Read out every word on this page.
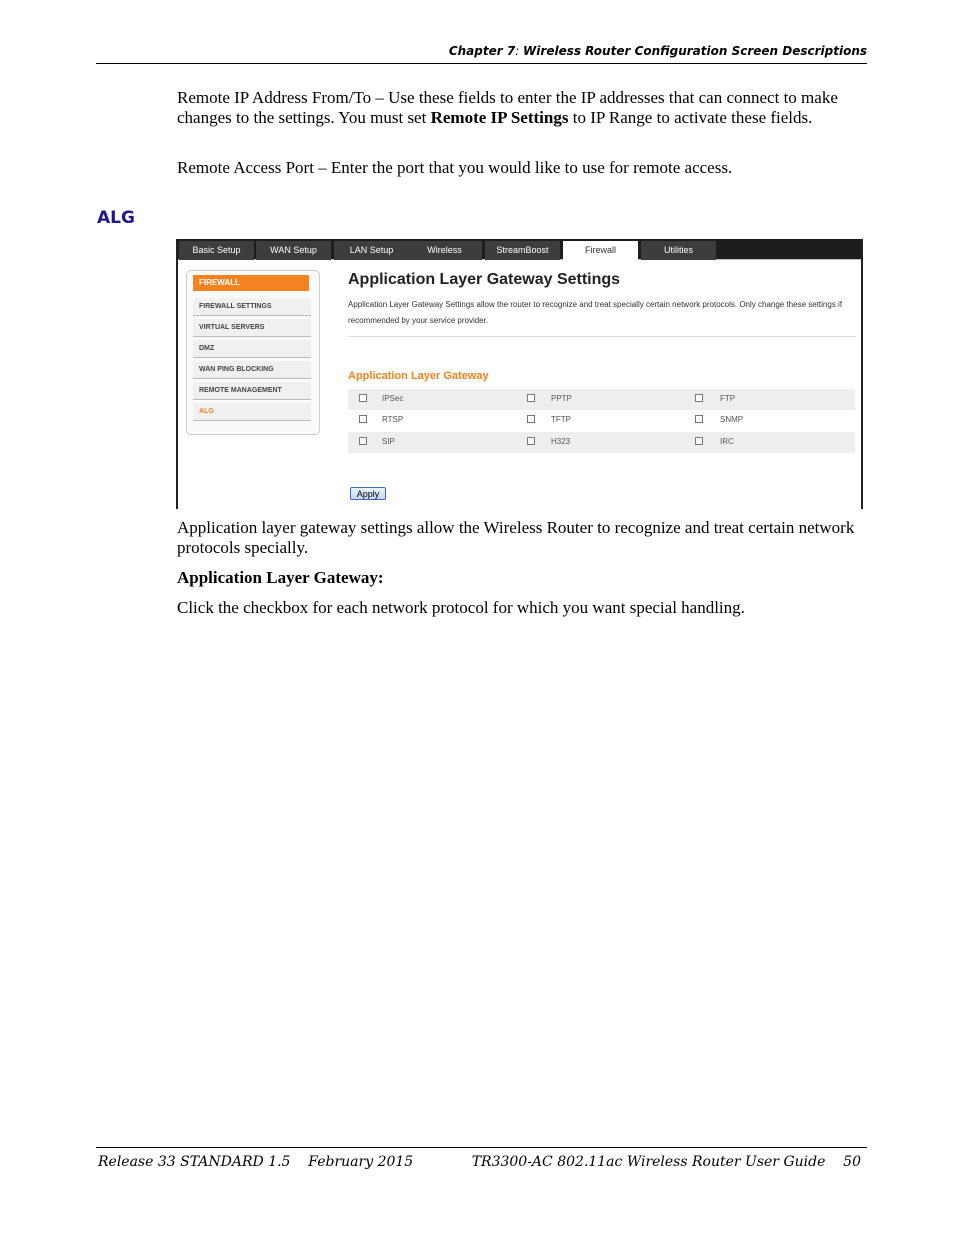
Chapter 7: Wireless Router Configuration Screen Descriptions
Remote IP Address From/To – Use these fields to enter the IP addresses that can connect to make changes to the settings. You must set Remote IP Settings to IP Range to activate these fields.
Remote Access Port – Enter the port that you would like to use for remote access.
ALG
Basic Setup	WAN Setup	LAN Setup	Wireless	StreamBoost	Firewall	Utilities
FIREWALL
FIREWALL SETTINGS
VIRTUAL SERVERS
DMZ
WAN PING BLOCKING
REMOTE MANAGEMENT
ALG
Application Layer Gateway Settings
Application Layer Gateway Settings allow the router to recognize and treat specially certain network protocols. Only change these settings if recommended by your service provider.
Application Layer Gateway
IPSec	PPTP	FTP
RTSP	TFTP	SNMP
SIP	H323	IRC
Apply
Application layer gateway settings allow the Wireless Router to recognize and treat certain network protocols specially.
Application Layer Gateway:
Click the checkbox for each network protocol for which you want special handling.
Release 33 STANDARD 1.5    February 2015	TR3300-AC 802.11ac Wireless Router User Guide    50
